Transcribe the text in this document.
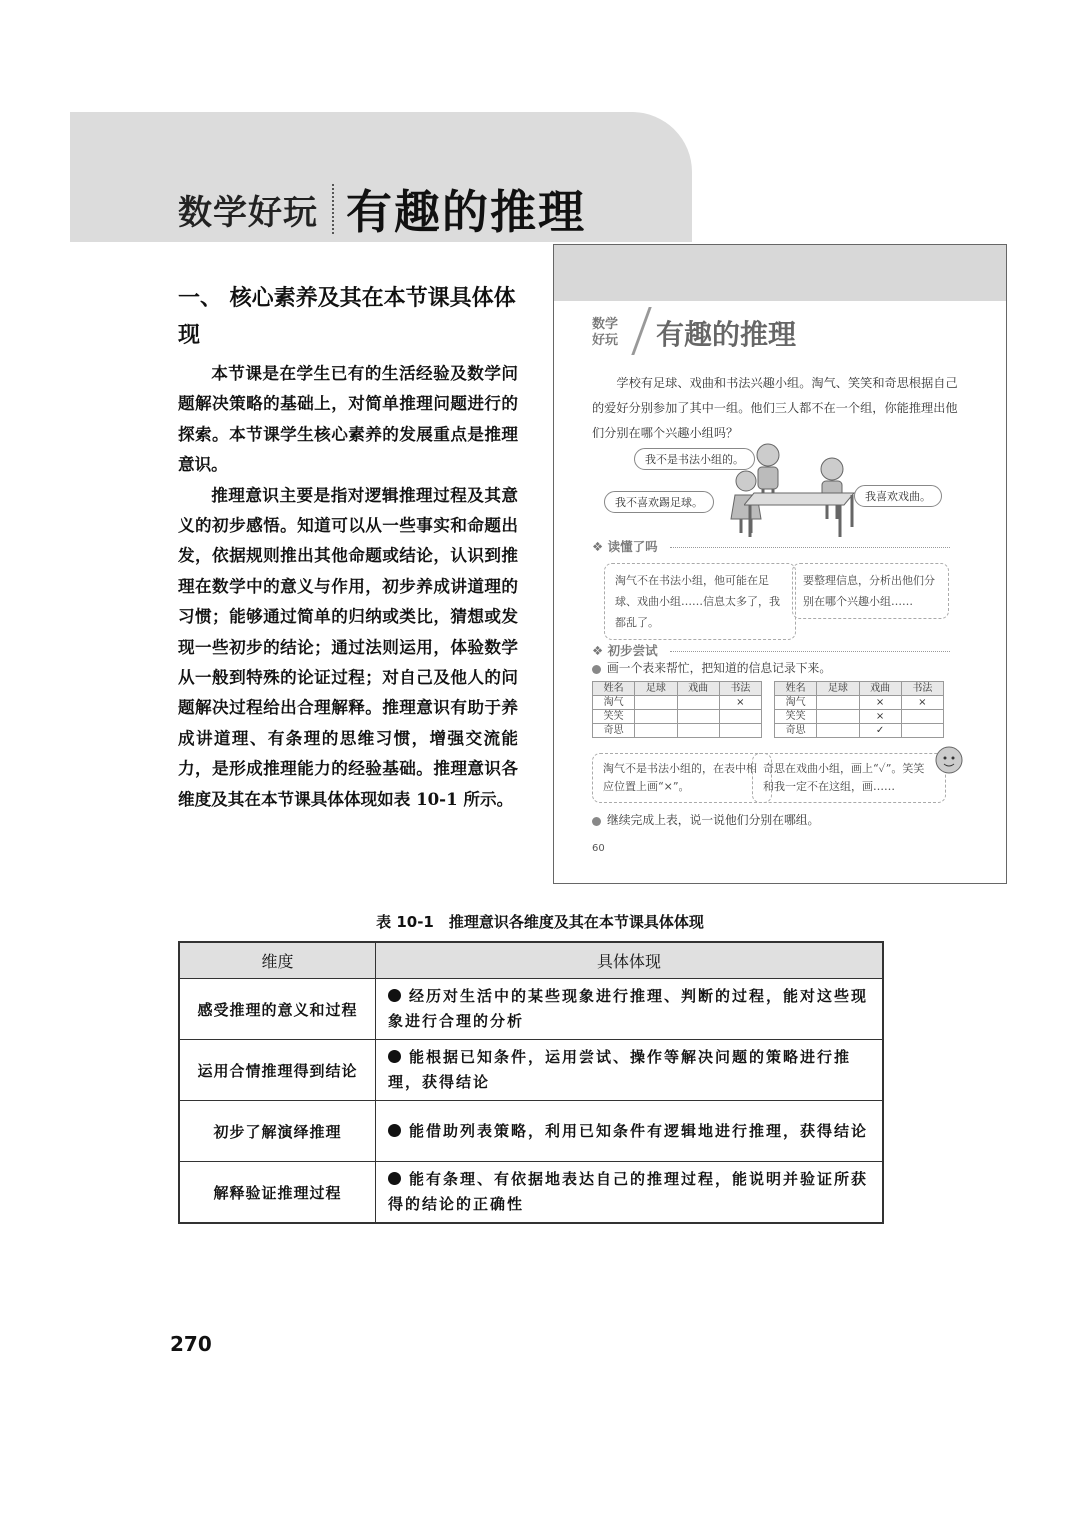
数学好玩 有趣的推理
一、 核心素养及其在本节课具体体现

本节课是在学生已有的生活经验及数学问题解决策略的基础上，对简单推理问题进行的探索。本节课学生核心素养的发展重点是推理意识。

推理意识主要是指对逻辑推理过程及其意义的初步感悟。知道可以从一些事实和命题出发，依据规则推出其他命题或结论，认识到推理在数学中的意义与作用，初步养成讲道理的习惯；能够通过简单的归纳或类比，猜想或发现一些初步的结论；通过法则运用，体验数学从一般到特殊的论证过程；对自己及他人的问题解决过程给出合理解释。推理意识有助于养成讲道理、有条理的思维习惯，增强交流能力，是形成推理能力的经验基础。推理意识各维度及其在本节课具体体现如表 10-1 所示。

数学
好玩 有趣的推理
学校有足球、戏曲和书法兴趣小组。淘气、笑笑和奇思根据自己的爱好分别参加了其中一组。他们三人都不在一个组，你能推理出他们分别在哪个兴趣小组吗？
我不是书法小组的。
我不喜欢踢足球。	我喜欢戏曲。
❖ 读懂了吗
淘气不在书法小组，他可能在足球、戏曲小组……信息太多了，我都乱了。
要整理信息，分析出他们分别在哪个兴趣小组……
❖ 初步尝试
画一个表来帮忙，把知道的信息记录下来。
姓名	足球	戏曲	书法
淘气			×
笑笑			
奇思			
姓名	足球	戏曲	书法
淘气		×	×
笑笑		×	
奇思		✓	
淘气不是书法小组的，在表中相应位置上画“×”。
奇思在戏曲小组，画上“✓”。笑笑和我一定不在这组，画……
继续完成上表，说一说他们分别在哪组。
60
表 10-1　推理意识各维度及其在本节课具体体现
维度	具体体现
感受推理的意义和过程	经历对生活中的某些现象进行推理、判断的过程，能对这些现象进行合理的分析
运用合情推理得到结论	能根据已知条件，运用尝试、操作等解决问题的策略进行推理，获得结论
初步了解演绎推理	能借助列表策略，利用已知条件有逻辑地进行推理，获得结论
解释验证推理过程	能有条理、有依据地表达自己的推理过程，能说明并验证所获得的结论的正确性
270
